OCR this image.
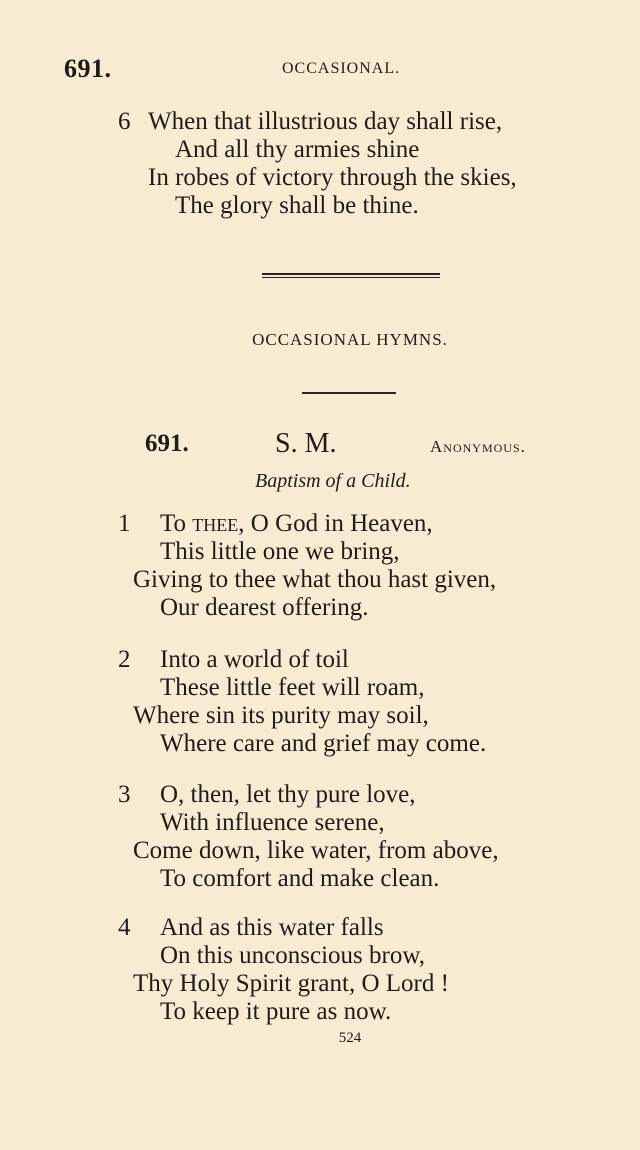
691.	OCCASIONAL.
6 When that illustrious day shall rise,
And all thy armies shine
In robes of victory through the skies,
The glory shall be thine.
OCCASIONAL HYMNS.
691.	S. M.	Anonymous.
Baptism of a Child.
1 To thee, O God in Heaven,
This little one we bring,
Giving to thee what thou hast given,
Our dearest offering.
2 Into a world of toil
These little feet will roam,
Where sin its purity may soil,
Where care and grief may come.
3 O, then, let thy pure love,
With influence serene,
Come down, like water, from above,
To comfort and make clean.
4 And as this water falls
On this unconscious brow,
Thy Holy Spirit grant, O Lord !
To keep it pure as now.
524
